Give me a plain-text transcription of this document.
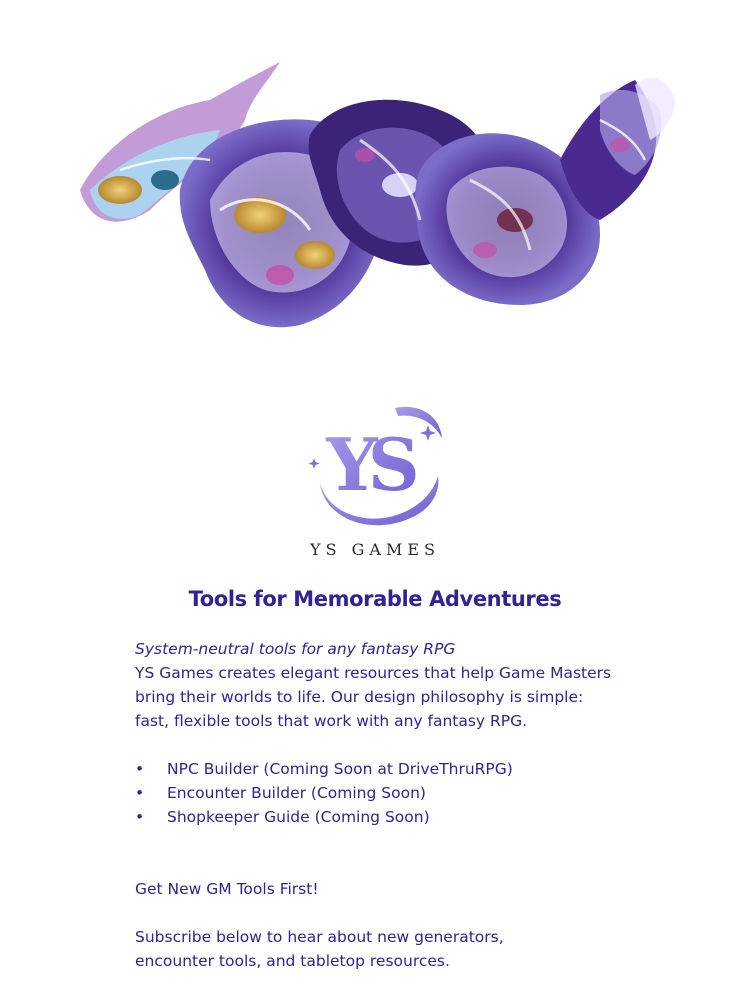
YS
YS GAMES
Tools for Memorable Adventures
System-neutral tools for any fantasy RPG
YS Games creates elegant resources that help Game Masters
bring their worlds to life. Our design philosophy is simple:
fast, flexible tools that work with any fantasy RPG.
•	NPC Builder (Coming Soon at DriveThruRPG)
•	Encounter Builder (Coming Soon)
•	Shopkeeper Guide (Coming Soon)

Get New GM Tools First!

Subscribe below to hear about new generators,
encounter tools, and tabletop resources.
